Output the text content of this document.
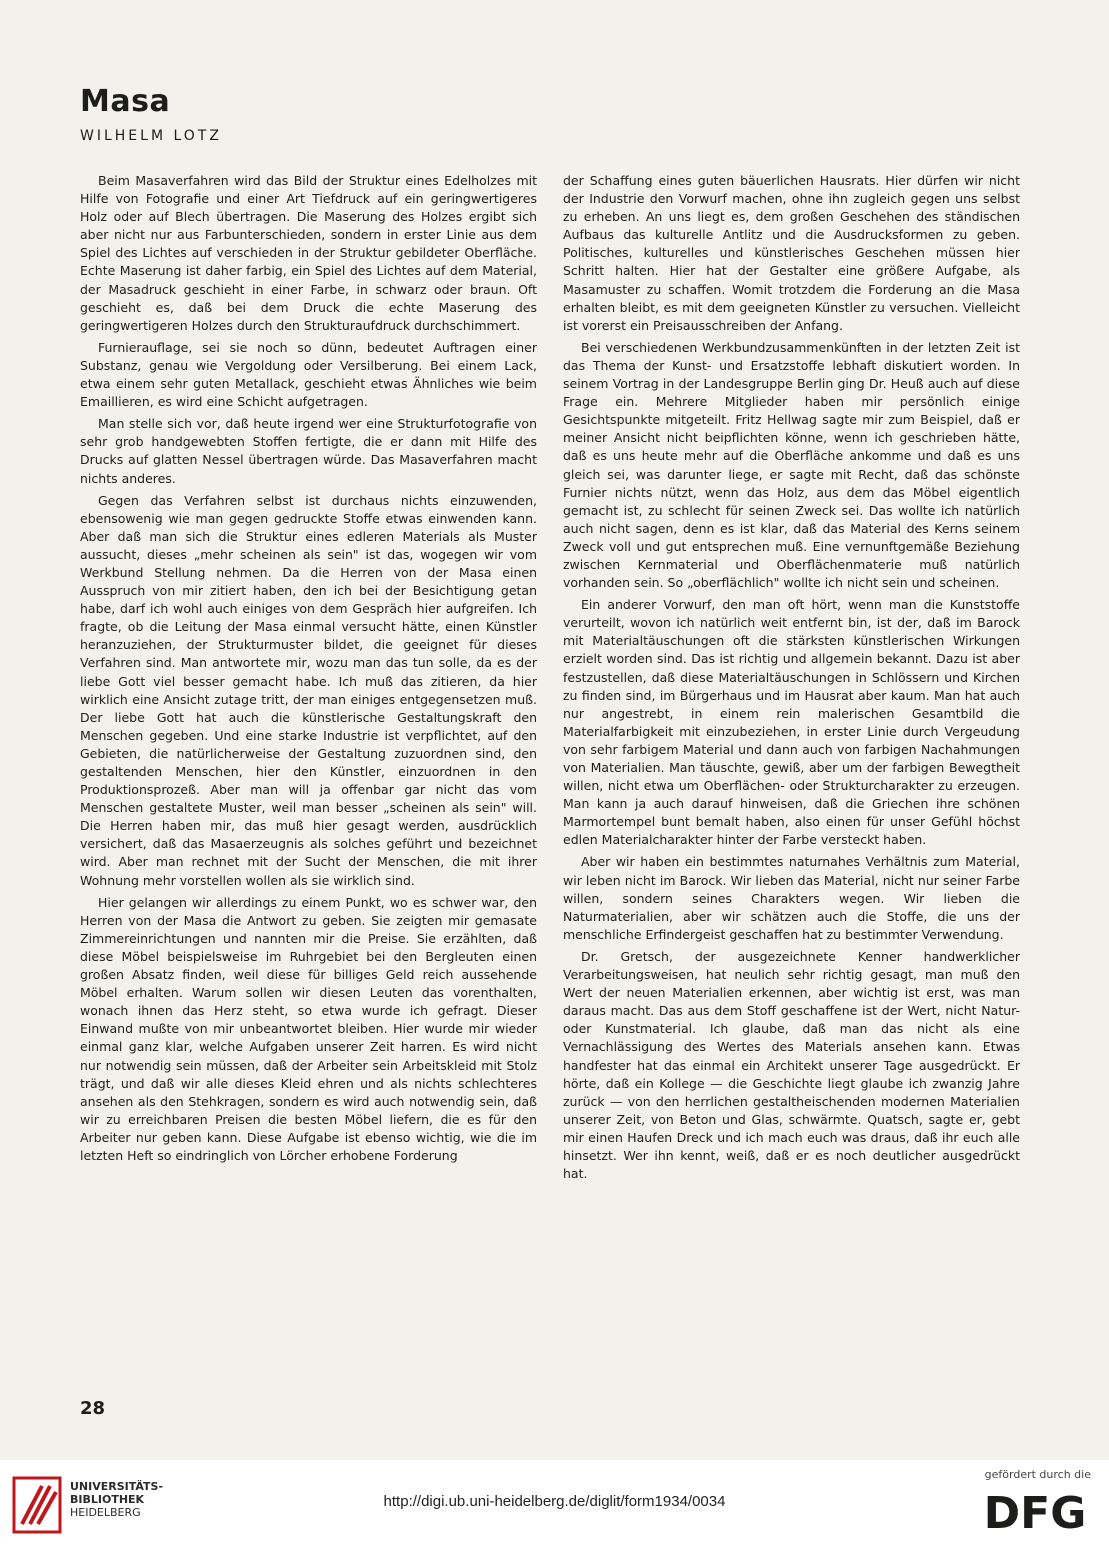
Masa
WILHELM LOTZ

Beim Masaverfahren wird das Bild der Struktur eines Edelholzes mit Hilfe von Fotografie und einer Art Tiefdruck auf ein geringwertigeres Holz oder auf Blech übertragen. Die Maserung des Holzes ergibt sich aber nicht nur aus Farbunterschieden, sondern in erster Linie aus dem Spiel des Lichtes auf verschieden in der Struktur gebildeter Oberfläche. Echte Maserung ist daher farbig, ein Spiel des Lichtes auf dem Material, der Masadruck geschieht in einer Farbe, in schwarz oder braun. Oft geschieht es, daß bei dem Druck die echte Maserung des geringwertigeren Holzes durch den Strukturaufdruck durchschimmert.

Furnierauflage, sei sie noch so dünn, bedeutet Auftragen einer Substanz, genau wie Vergoldung oder Versilberung. Bei einem Lack, etwa einem sehr guten Metallack, geschieht etwas Ähnliches wie beim Emaillieren, es wird eine Schicht aufgetragen.

Man stelle sich vor, daß heute irgend wer eine Strukturfotografie von sehr grob handgewebten Stoffen fertigte, die er dann mit Hilfe des Drucks auf glatten Nessel übertragen würde. Das Masaverfahren macht nichts anderes.

Gegen das Verfahren selbst ist durchaus nichts einzuwenden, ebensowenig wie man gegen gedruckte Stoffe etwas einwenden kann. Aber daß man sich die Struktur eines edleren Materials als Muster aussucht, dieses „mehr scheinen als sein" ist das, wogegen wir vom Werkbund Stellung nehmen. Da die Herren von der Masa einen Ausspruch von mir zitiert haben, den ich bei der Besichtigung getan habe, darf ich wohl auch einiges von dem Gespräch hier aufgreifen. Ich fragte, ob die Leitung der Masa einmal versucht hätte, einen Künstler heranzuziehen, der Strukturmuster bildet, die geeignet für dieses Verfahren sind. Man antwortete mir, wozu man das tun solle, da es der liebe Gott viel besser gemacht habe. Ich muß das zitieren, da hier wirklich eine Ansicht zutage tritt, der man einiges entgegensetzen muß. Der liebe Gott hat auch die künstlerische Gestaltungskraft den Menschen gegeben. Und eine starke Industrie ist verpflichtet, auf den Gebieten, die natürlicherweise der Gestaltung zuzuordnen sind, den gestaltenden Menschen, hier den Künstler, einzuordnen in den Produktionsprozeß. Aber man will ja offenbar gar nicht das vom Menschen gestaltete Muster, weil man besser „scheinen als sein" will. Die Herren haben mir, das muß hier gesagt werden, ausdrücklich versichert, daß das Masaerzeugnis als solches geführt und bezeichnet wird. Aber man rechnet mit der Sucht der Menschen, die mit ihrer Wohnung mehr vorstellen wollen als sie wirklich sind.

Hier gelangen wir allerdings zu einem Punkt, wo es schwer war, den Herren von der Masa die Antwort zu geben. Sie zeigten mir gemasate Zimmereinrichtungen und nannten mir die Preise. Sie erzählten, daß diese Möbel beispielsweise im Ruhrgebiet bei den Bergleuten einen großen Absatz finden, weil diese für billiges Geld reich aussehende Möbel erhalten. Warum sollen wir diesen Leuten das vorenthalten, wonach ihnen das Herz steht, so etwa wurde ich gefragt. Dieser Einwand mußte von mir unbeantwortet bleiben. Hier wurde mir wieder einmal ganz klar, welche Aufgaben unserer Zeit harren. Es wird nicht nur notwendig sein müssen, daß der Arbeiter sein Arbeitskleid mit Stolz trägt, und daß wir alle dieses Kleid ehren und als nichts schlechteres ansehen als den Stehkragen, sondern es wird auch notwendig sein, daß wir zu erreichbaren Preisen die besten Möbel liefern, die es für den Arbeiter nur geben kann. Diese Aufgabe ist ebenso wichtig, wie die im letzten Heft so eindringlich von Lörcher erhobene Forderung

der Schaffung eines guten bäuerlichen Hausrats. Hier dürfen wir nicht der Industrie den Vorwurf machen, ohne ihn zugleich gegen uns selbst zu erheben. An uns liegt es, dem großen Geschehen des ständischen Aufbaus das kulturelle Antlitz und die Ausdrucksformen zu geben. Politisches, kulturelles und künstlerisches Geschehen müssen hier Schritt halten. Hier hat der Gestalter eine größere Aufgabe, als Masamuster zu schaffen. Womit trotzdem die Forderung an die Masa erhalten bleibt, es mit dem geeigneten Künstler zu versuchen. Vielleicht ist vorerst ein Preisausschreiben der Anfang.

Bei verschiedenen Werkbundzusammenkünften in der letzten Zeit ist das Thema der Kunst- und Ersatzstoffe lebhaft diskutiert worden. In seinem Vortrag in der Landesgruppe Berlin ging Dr. Heuß auch auf diese Frage ein. Mehrere Mitglieder haben mir persönlich einige Gesichtspunkte mitgeteilt. Fritz Hellwag sagte mir zum Beispiel, daß er meiner Ansicht nicht beipflichten könne, wenn ich geschrieben hätte, daß es uns heute mehr auf die Oberfläche ankomme und daß es uns gleich sei, was darunter liege, er sagte mit Recht, daß das schönste Furnier nichts nützt, wenn das Holz, aus dem das Möbel eigentlich gemacht ist, zu schlecht für seinen Zweck sei. Das wollte ich natürlich auch nicht sagen, denn es ist klar, daß das Material des Kerns seinem Zweck voll und gut entsprechen muß. Eine vernunftgemäße Beziehung zwischen Kernmaterial und Oberflächenmaterie muß natürlich vorhanden sein. So „oberflächlich" wollte ich nicht sein und scheinen.

Ein anderer Vorwurf, den man oft hört, wenn man die Kunststoffe verurteilt, wovon ich natürlich weit entfernt bin, ist der, daß im Barock mit Materialtäuschungen oft die stärksten künstlerischen Wirkungen erzielt worden sind. Das ist richtig und allgemein bekannt. Dazu ist aber festzustellen, daß diese Materialtäuschungen in Schlössern und Kirchen zu finden sind, im Bürgerhaus und im Hausrat aber kaum. Man hat auch nur angestrebt, in einem rein malerischen Gesamtbild die Materialfarbigkeit mit einzubeziehen, in erster Linie durch Vergeudung von sehr farbigem Material und dann auch von farbigen Nachahmungen von Materialien. Man täuschte, gewiß, aber um der farbigen Bewegtheit willen, nicht etwa um Oberflächen- oder Strukturcharakter zu erzeugen. Man kann ja auch darauf hinweisen, daß die Griechen ihre schönen Marmortempel bunt bemalt haben, also einen für unser Gefühl höchst edlen Materialcharakter hinter der Farbe versteckt haben.

Aber wir haben ein bestimmtes naturnahes Verhältnis zum Material, wir leben nicht im Barock. Wir lieben das Material, nicht nur seiner Farbe willen, sondern seines Charakters wegen. Wir lieben die Naturmaterialien, aber wir schätzen auch die Stoffe, die uns der menschliche Erfindergeist geschaffen hat zu bestimmter Verwendung.

Dr. Gretsch, der ausgezeichnete Kenner handwerklicher Verarbeitungsweisen, hat neulich sehr richtig gesagt, man muß den Wert der neuen Materialien erkennen, aber wichtig ist erst, was man daraus macht. Das aus dem Stoff geschaffene ist der Wert, nicht Natur- oder Kunstmaterial. Ich glaube, daß man das nicht als eine Vernachlässigung des Wertes des Materials ansehen kann. Etwas handfester hat das einmal ein Architekt unserer Tage ausgedrückt. Er hörte, daß ein Kollege — die Geschichte liegt glaube ich zwanzig Jahre zurück — von den herrlichen gestaltheischenden modernen Materialien unserer Zeit, von Beton und Glas, schwärmte. Quatsch, sagte er, gebt mir einen Haufen Dreck und ich mach euch was draus, daß ihr euch alle hinsetzt. Wer ihn kennt, weiß, daß er es noch deutlicher ausgedrückt hat.

28
UNIVERSITÄTS-
BIBLIOTHEK
HEIDELBERG
http://digi.ub.uni-heidelberg.de/diglit/form1934/0034
gefördert durch die
DFG
